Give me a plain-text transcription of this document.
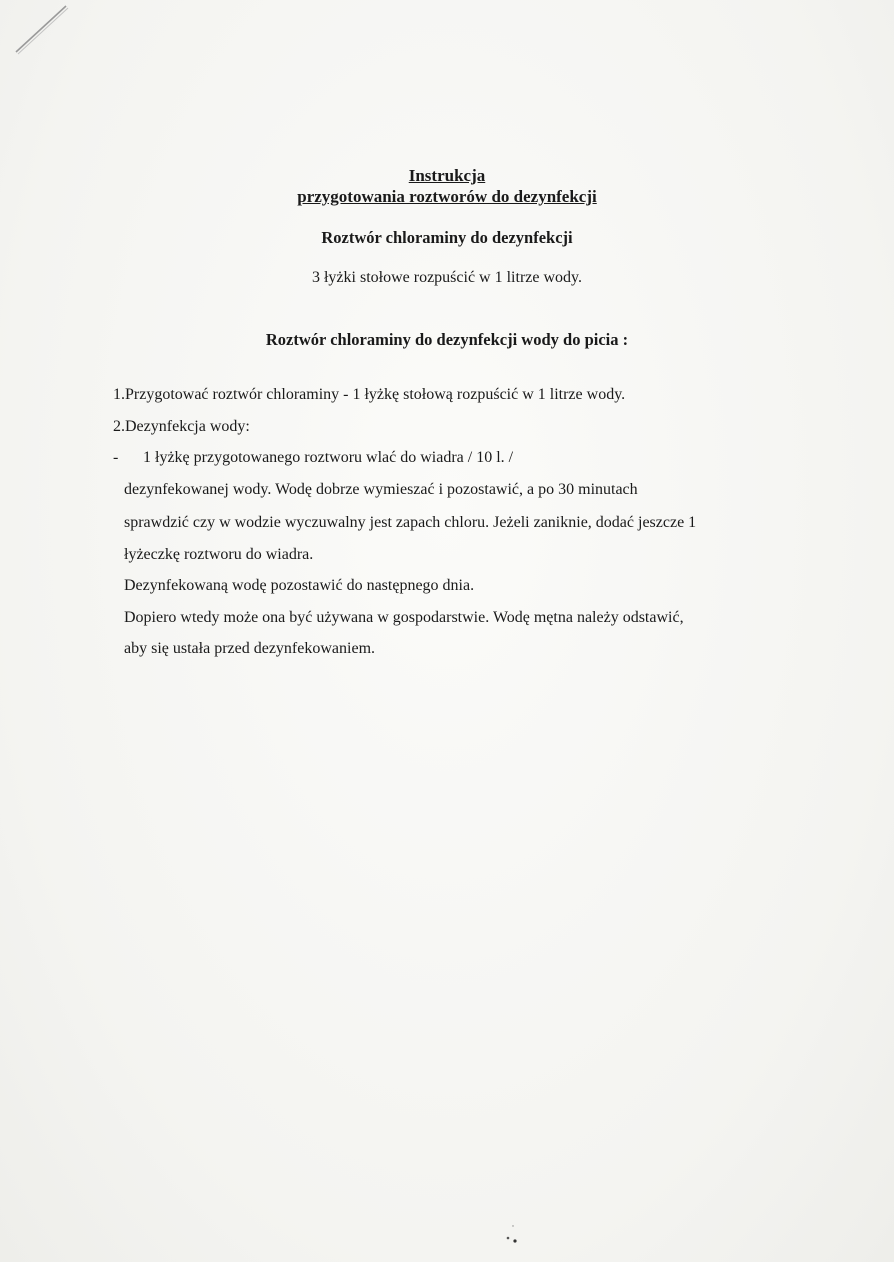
Instrukcja

przygotowania roztworów do dezynfekcji

Roztwór chloraminy do dezynfekcji
3 łyżki stołowe rozpuścić w 1 litrze wody.
Roztwór chloraminy do dezynfekcji wody do picia :
1.Przygotować roztwór chloraminy - 1 łyżkę stołową rozpuścić w 1 litrze wody.
2.Dezynfekcja wody:
- 1 łyżkę przygotowanego roztworu wlać do wiadra / 10 l. /
dezynfekowanej wody. Wodę dobrze wymieszać i pozostawić, a po 30 minutach
sprawdzić czy w wodzie wyczuwalny jest zapach chloru. Jeżeli zaniknie, dodać jeszcze 1
łyżeczkę roztworu do wiadra.
Dezynfekowaną wodę pozostawić do następnego dnia.
Dopiero wtedy może ona być używana w gospodarstwie. Wodę mętna należy odstawić,
aby się ustała przed dezynfekowaniem.
